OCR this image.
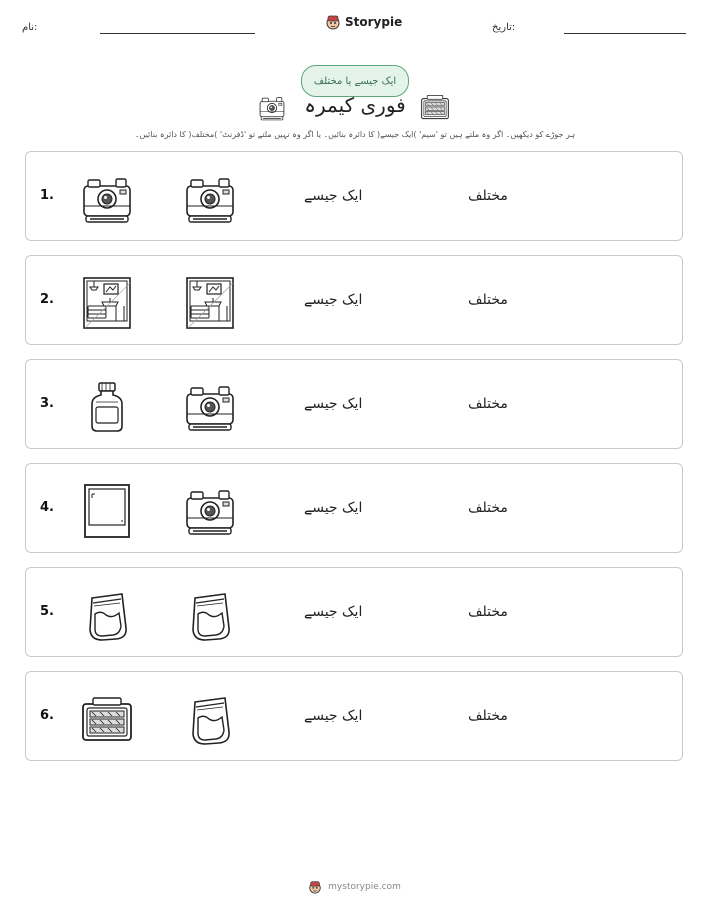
نام:	Storypie	تاریخ:
ایک جیسے یا مختلف
فوری کیمرہ
ہر جوڑے کو دیکھیں۔ اگر وہ ملتے ہیں تو 'سیم' )ایک جیسے( کا دائرہ بنائیں۔ یا اگر وہ نہیں ملتے تو 'ڈفرنٹ' )مختلف( کا دائرہ بنائیں۔
1.	ایک جیسے	مختلف
2.	ایک جیسے	مختلف
3.	ایک جیسے	مختلف
4.	ایک جیسے	مختلف
5.	ایک جیسے	مختلف
6.	ایک جیسے	مختلف
mystorypie.com
